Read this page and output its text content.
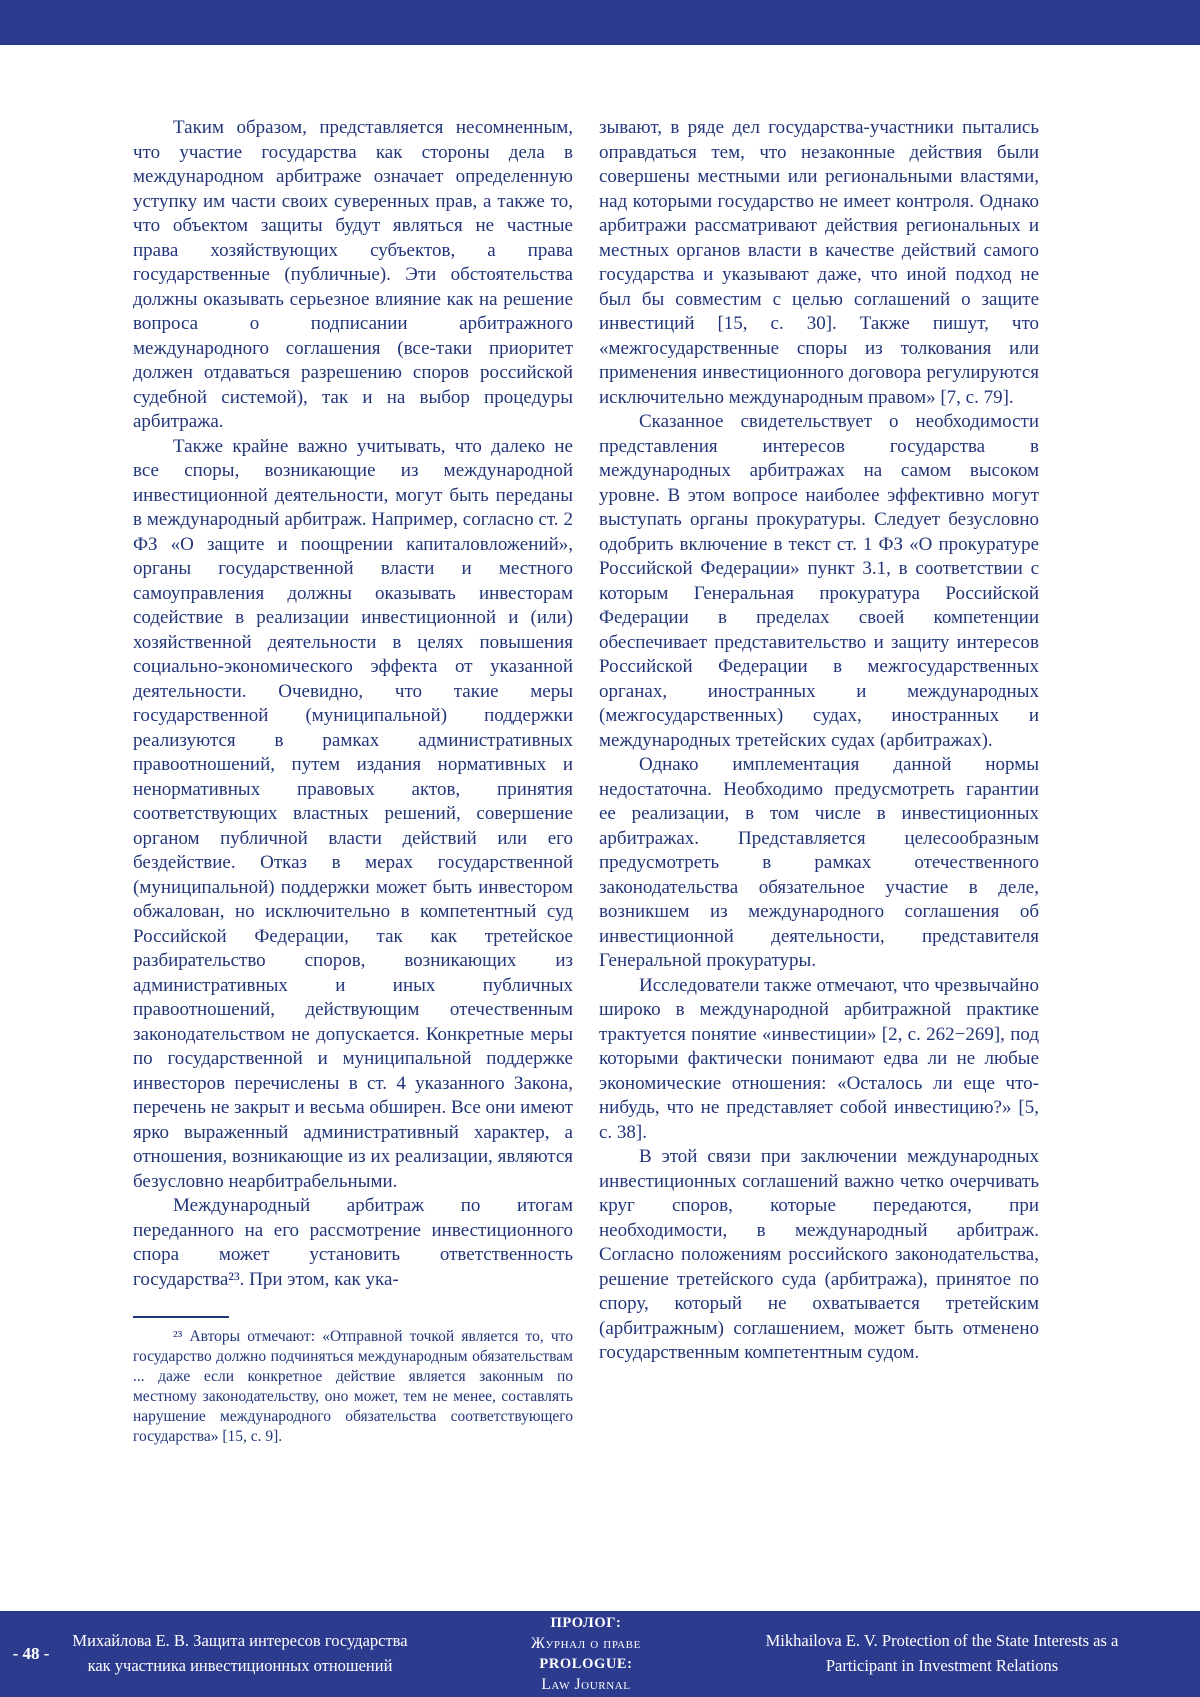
Таким образом, представляется несомненным, что участие государства как стороны дела в международном арбитраже означает определенную уступку им части своих суверенных прав, а также то, что объектом защиты будут являться не частные права хозяйствующих субъектов, а права государственные (публичные). Эти обстоятельства должны оказывать серьезное влияние как на решение вопроса о подписании арбитражного международного соглашения (все-таки приоритет должен отдаваться разрешению споров российской судебной системой), так и на выбор процедуры арбитража.

Также крайне важно учитывать, что далеко не все споры, возникающие из международной инвестиционной деятельности, могут быть переданы в международный арбитраж. Например, согласно ст. 2 ФЗ «О защите и поощрении капиталовложений», органы государственной власти и местного самоуправления должны оказывать инвесторам содействие в реализации инвестиционной и (или) хозяйственной деятельности в целях повышения социально-экономического эффекта от указанной деятельности. Очевидно, что такие меры государственной (муниципальной) поддержки реализуются в рамках административных правоотношений, путем издания нормативных и ненормативных правовых актов, принятия соответствующих властных решений, совершение органом публичной власти действий или его бездействие. Отказ в мерах государственной (муниципальной) поддержки может быть инвестором обжалован, но исключительно в компетентный суд Российской Федерации, так как третейское разбирательство споров, возникающих из административных и иных публичных правоотношений, действующим отечественным законодательством не допускается. Конкретные меры по государственной и муниципальной поддержке инвесторов перечислены в ст. 4 указанного Закона, перечень не закрыт и весьма обширен. Все они имеют ярко выраженный административный характер, а отношения, возникающие из их реализации, являются безусловно неарбитрабельными.

Международный арбитраж по итогам переданного на его рассмотрение инвестиционного спора может установить ответственность государства²³. При этом, как ука-

²³ Авторы отмечают: «Отправной точкой является то, что государство должно подчиняться международным обязательствам ... даже если конкретное действие является законным по местному законодательству, оно может, тем не менее, составлять нарушение международного обязательства соответствующего государства» [15, с. 9].

зывают, в ряде дел государства-участники пытались оправдаться тем, что незаконные действия были совершены местными или региональными властями, над которыми государство не имеет контроля. Однако арбитражи рассматривают действия региональных и местных органов власти в качестве действий самого государства и указывают даже, что иной подход не был бы совместим с целью соглашений о защите инвестиций [15, с. 30]. Также пишут, что «межгосударственные споры из толкования или применения инвестиционного договора регулируются исключительно международным правом» [7, с. 79].

Сказанное свидетельствует о необходимости представления интересов государства в международных арбитражах на самом высоком уровне. В этом вопросе наиболее эффективно могут выступать органы прокуратуры. Следует безусловно одобрить включение в текст ст. 1 ФЗ «О прокуратуре Российской Федерации» пункт 3.1, в соответствии с которым Генеральная прокуратура Российской Федерации в пределах своей компетенции обеспечивает представительство и защиту интересов Российской Федерации в межгосударственных органах, иностранных и международных (межгосударственных) судах, иностранных и международных третейских судах (арбитражах).

Однако имплементация данной нормы недостаточна. Необходимо предусмотреть гарантии ее реализации, в том числе в инвестиционных арбитражах. Представляется целесообразным предусмотреть в рамках отечественного законодательства обязательное участие в деле, возникшем из международного соглашения об инвестиционной деятельности, представителя Генеральной прокуратуры.

Исследователи также отмечают, что чрезвычайно широко в международной арбитражной практике трактуется понятие «инвестиции» [2, с. 262−269], под которыми фактически понимают едва ли не любые экономические отношения: «Осталось ли еще что-нибудь, что не представляет собой инвестицию?» [5, с. 38].

В этой связи при заключении международных инвестиционных соглашений важно четко очерчивать круг споров, которые передаются, при необходимости, в международный арбитраж. Согласно положениям российского законодательства, решение третейского суда (арбитража), принятое по спору, который не охватывается третейским (арбитражным) соглашением, может быть отменено государственным компетентным судом.

- 48 -
Михайлова Е. В. Защита интересов государства
как участника инвестиционных отношений
ПРОЛОГ:
Журнал о праве
PROLOGUE:
Law Journal
Mikhailova E. V. Protection of the State Interests as a
Participant in Investment Relations
